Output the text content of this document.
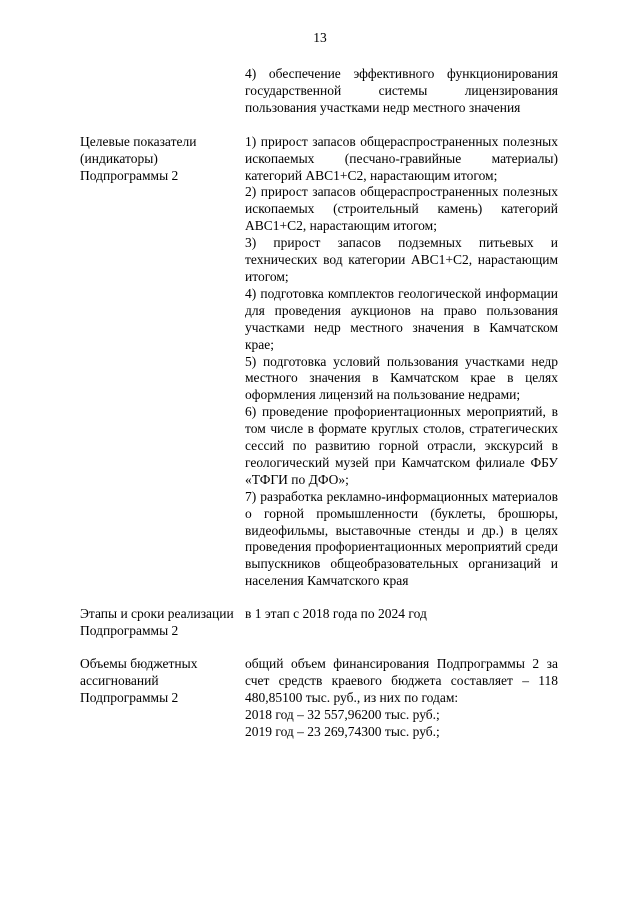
13

4) обеспечение эффективного функционирования государственной системы лицензирования пользования участками недр местного значения

Целевые показатели (индикаторы) Подпрограммы 2

1) прирост запасов общераспространенных полезных ископаемых (песчано-гравийные материалы) категорий АВС1+С2, нарастающим итогом;

2) прирост запасов общераспространенных полезных ископаемых (строительный камень) категорий АВС1+С2, нарастающим итогом;

3) прирост запасов подземных питьевых и технических вод категории АВС1+С2, нарастающим итогом;

4) подготовка комплектов геологической информации для проведения аукционов на право пользования участками недр местного значения в Камчатском крае;

5) подготовка условий пользования участками недр местного значения в Камчатском крае в целях оформления лицензий на пользование недрами;

6) проведение профориентационных мероприятий, в том числе в формате круглых столов, стратегических сессий по развитию горной отрасли, экскурсий в геологический музей при Камчатском филиале ФБУ «ТФГИ по ДФО»;

7) разработка рекламно-информационных материалов о горной промышленности (буклеты, брошюры, видеофильмы, выставочные стенды и др.) в целях проведения профориентационных мероприятий среди выпускников общеобразовательных организаций и населения Камчатского края

Этапы и сроки реализации Подпрограммы 2

в 1 этап с 2018 года по 2024 год

Объемы бюджетных ассигнований Подпрограммы 2

общий объем финансирования Подпрограммы 2 за счет средств краевого бюджета составляет – 118 480,85100 тыс. руб., из них по годам:

2018 год – 32 557,96200 тыс. руб.;

2019 год – 23 269,74300 тыс. руб.;
